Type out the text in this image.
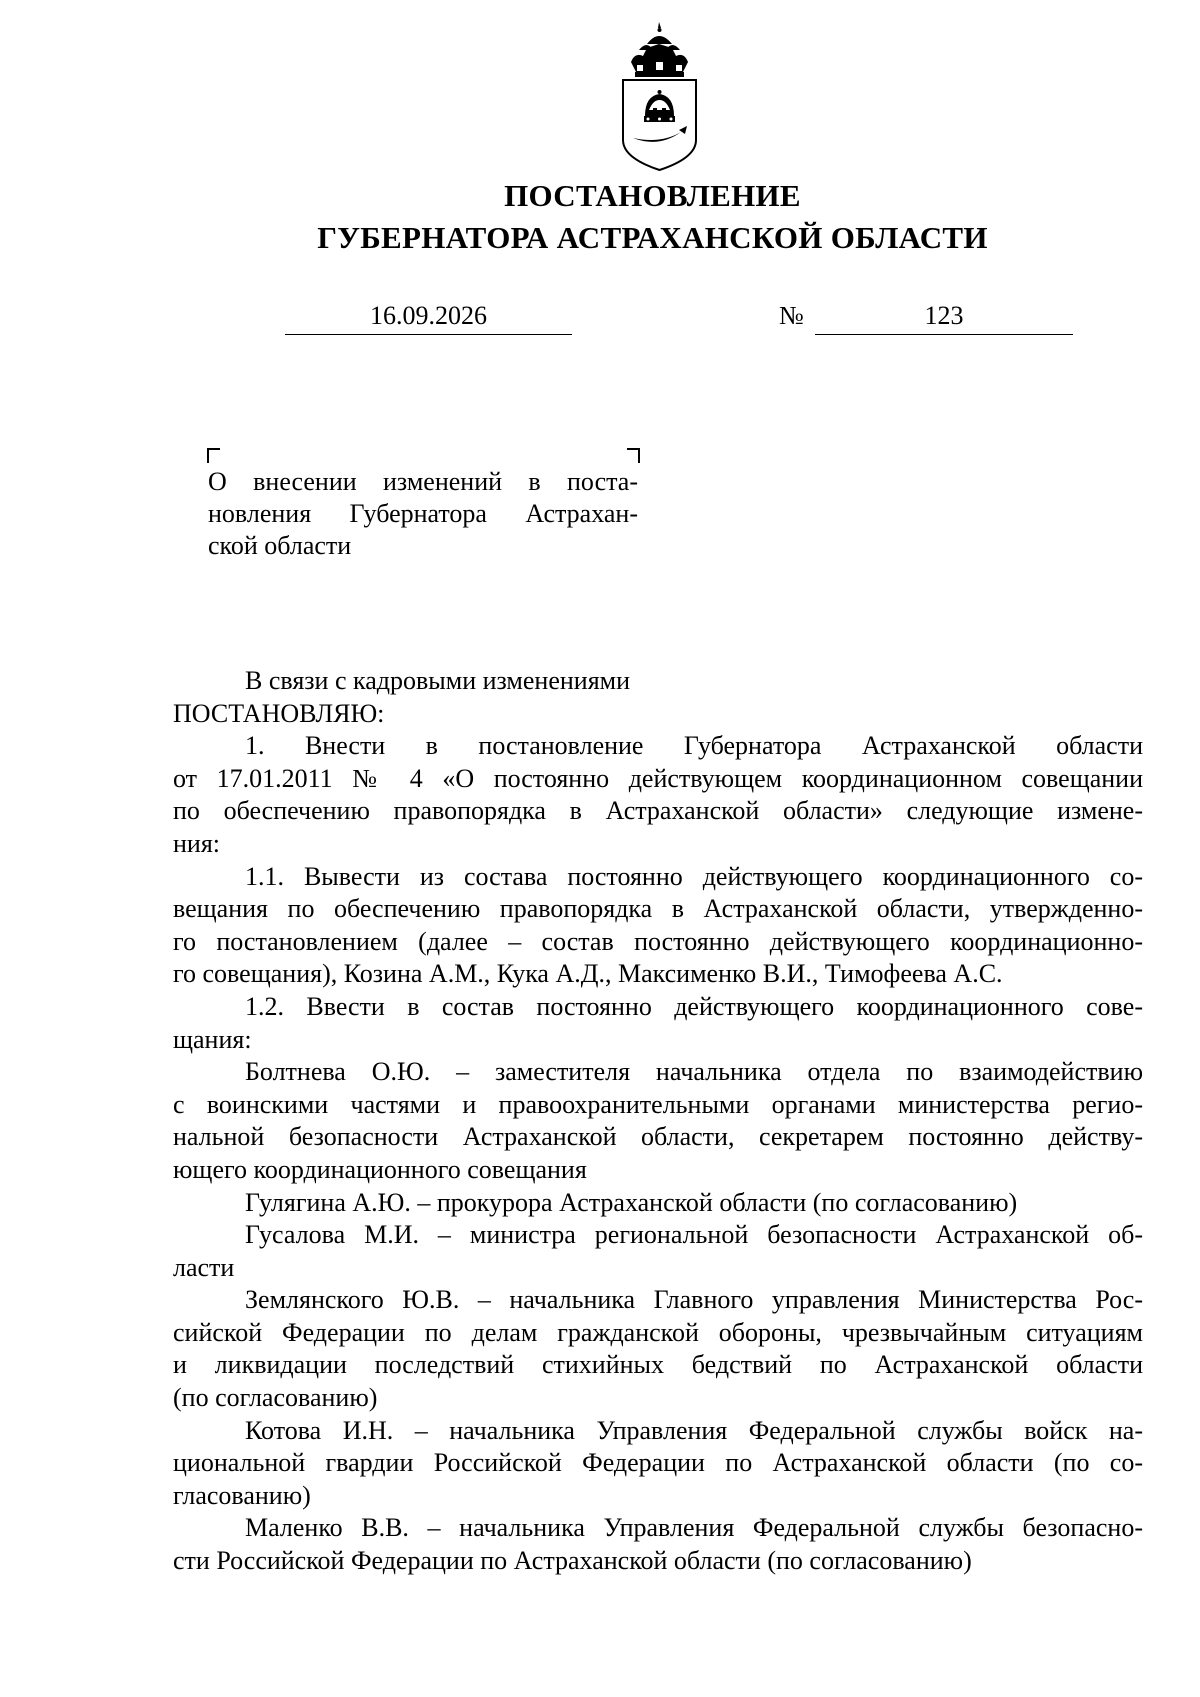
ПОСТАНОВЛЕНИЕ
ГУБЕРНАТОРА АСТРАХАНСКОЙ ОБЛАСТИ
16.09.2026	№	123
О внесении изменений в поста-
новления Губернатора Астрахан-
ской области
В связи с кадровыми изменениями
ПОСТАНОВЛЯЮ:
1. Внести в постановление Губернатора Астраханской области
от 17.01.2011 № 4 «О постоянно действующем координационном совещании
по обеспечению правопорядка в Астраханской области» следующие измене-
ния:
1.1. Вывести из состава постоянно действующего координационного со-
вещания по обеспечению правопорядка в Астраханской области, утвержденно-
го постановлением (далее – состав постоянно действующего координационно-
го совещания), Козина А.М., Кука А.Д., Максименко В.И., Тимофеева А.С.
1.2. Ввести в состав постоянно действующего координационного сове-
щания:
Болтнева О.Ю. – заместителя начальника отдела по взаимодействию
с воинскими частями и правоохранительными органами министерства регио-
нальной безопасности Астраханской области, секретарем постоянно действу-
ющего координационного совещания
Гулягина А.Ю. – прокурора Астраханской области (по согласованию)
Гусалова М.И. – министра региональной безопасности Астраханской об-
ласти
Землянского Ю.В. – начальника Главного управления Министерства Рос-
сийской Федерации по делам гражданской обороны, чрезвычайным ситуациям
и ликвидации последствий стихийных бедствий по Астраханской области
(по согласованию)
Котова И.Н. – начальника Управления Федеральной службы войск на-
циональной гвардии Российской Федерации по Астраханской области (по со-
гласованию)
Маленко В.В. – начальника Управления Федеральной службы безопасно-
сти Российской Федерации по Астраханской области (по согласованию)
